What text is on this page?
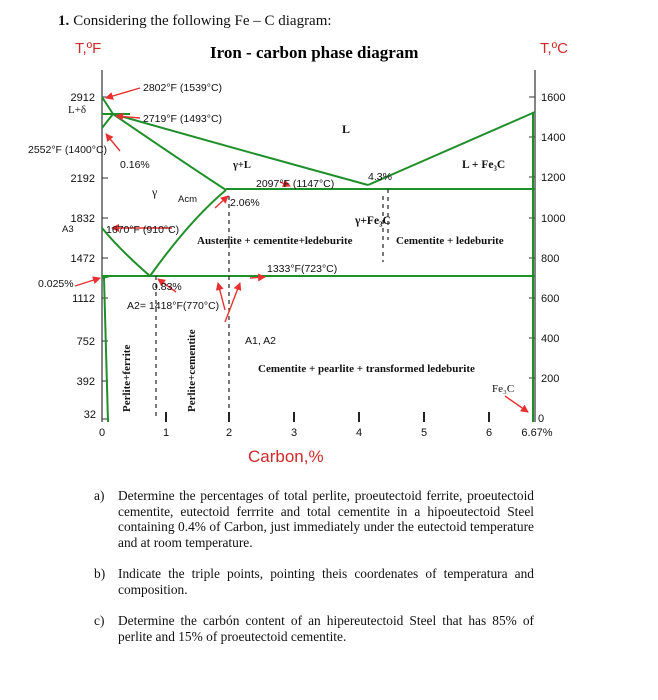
1. Considering the following Fe – C diagram:
T,ºF	Iron - carbon phase diagram	T,ºC
2912
2192
1832
1472
1112
752
392
32
1600
1400
1200
1000
800
600
400
200
0
L+δ
2802°F (1539°C)
2719°F (1493°C)
2552°F (1400°C)
L
0.16%	γ+L	L + Fe₃C
4.3%
2097°F (1147°C)
γ
Acm	2.06%
A3	1670°F (910°C)
γ+Fe₃C
Austenite + cementite+ledeburite	Cementite + ledeburite
1333°F(723°C)
0.025%	0.83%
A2= 1418°F(770°C)
A1, A2
Cementite + pearlite + transformed ledeburite
Fe₃C
Perlite+ferrite	Perlite+cementite
0	1	2	3	4	5	6	6.67%
Carbon,%
a) Determine the percentages of total perlite, proeutectoid ferrite, proeutectoid cementite, eutectoid ferrrite and total cementite in a hipoeutectoid Steel containing 0.4% of Carbon, just immediately under the eutectoid temperature and at room temperature.
b) Indicate the triple points, pointing theis coordenates of temperatura and composition.
c) Determine the carbón content of an hipereutectoid Steel that has 85% of perlite and 15% of proeutectoid cementite.
